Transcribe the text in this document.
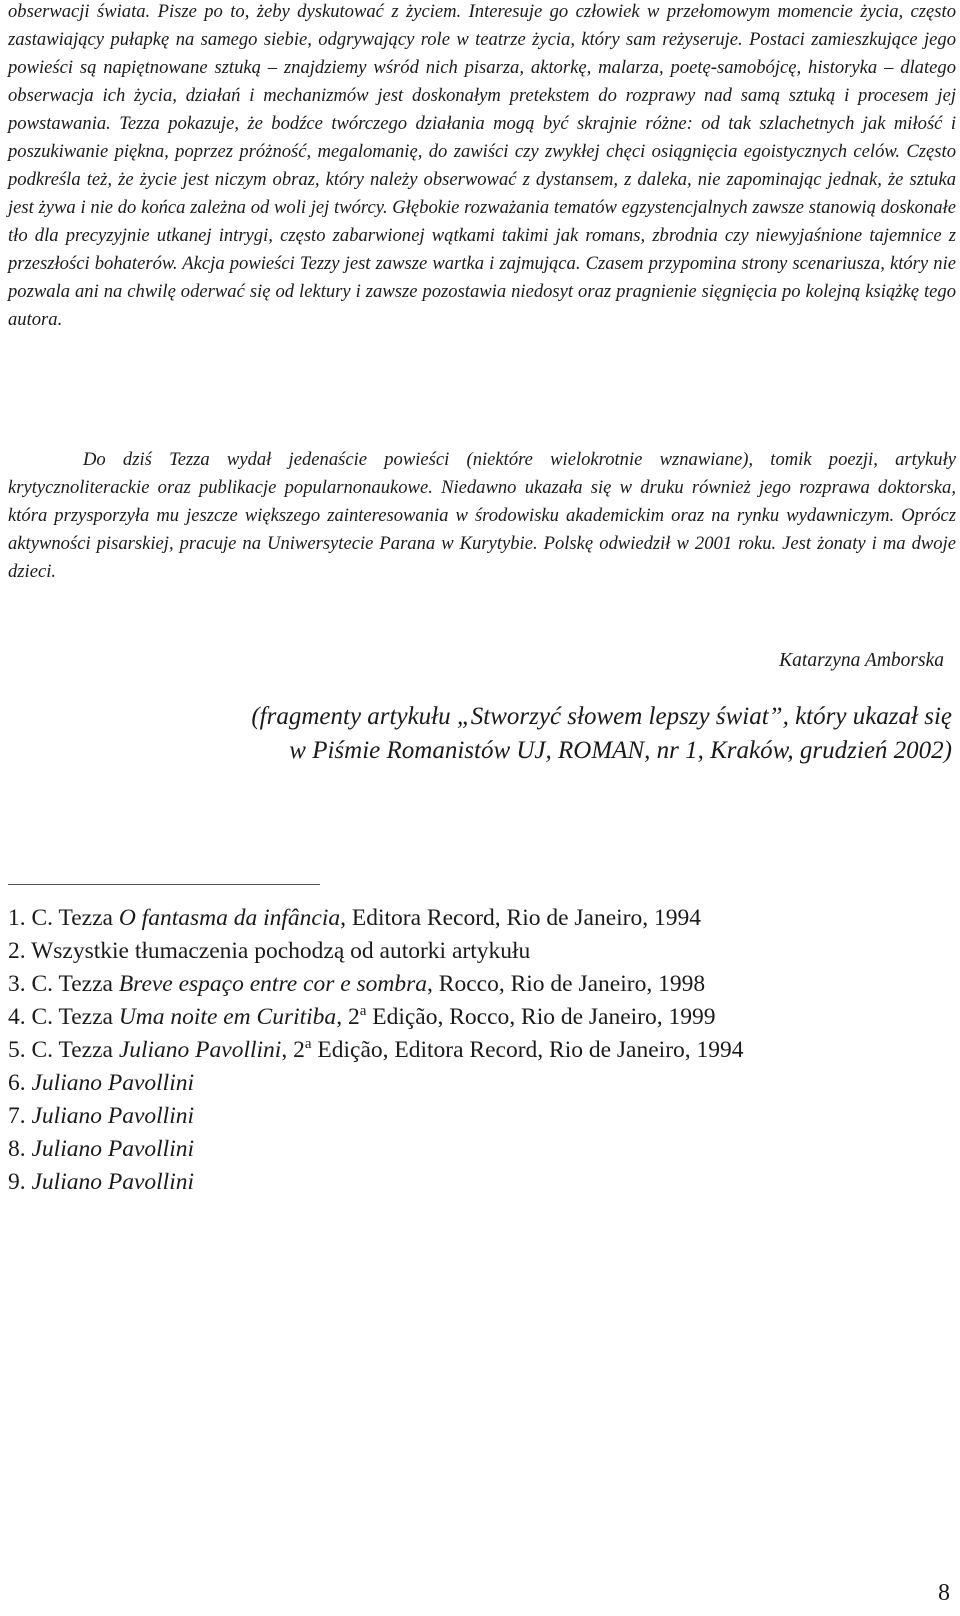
obserwacji świata. Pisze po to, żeby dyskutować z życiem. Interesuje go człowiek w przełomowym momencie życia, często zastawiający pułapkę na samego siebie, odgrywający role w teatrze życia, który sam reżyseruje. Postaci zamieszkujące jego powieści są napiętnowane sztuką – znajdziemy wśród nich pisarza, aktorkę, malarza, poetę-samobójcę, historyka – dlatego obserwacja ich życia, działań i mechanizmów jest doskonałym pretekstem do rozprawy nad samą sztuką i procesem jej powstawania. Tezza pokazuje, że bodźce twórczego działania mogą być skrajnie różne: od tak szlachetnych jak miłość i poszukiwanie piękna, poprzez próżność, megalomanię, do zawiści czy zwykłej chęci osiągnięcia egoistycznych celów. Często podkreśla też, że życie jest niczym obraz, który należy obserwować z dystansem, z daleka, nie zapominając jednak, że sztuka jest żywa i nie do końca zależna od woli jej twórcy. Głębokie rozważania tematów egzystencjalnych zawsze stanowią doskonałe tło dla precyzyjnie utkanej intrygi, często zabarwionej wątkami takimi jak romans, zbrodnia czy niewyjaśnione tajemnice z przeszłości bohaterów. Akcja powieści Tezzy jest zawsze wartka i zajmująca. Czasem przypomina strony scenariusza, który nie pozwala ani na chwilę oderwać się od lektury i zawsze pozostawia niedosyt oraz pragnienie sięgnięcia po kolejną książkę tego autora.

Do dziś Tezza wydał jedenaście powieści (niektóre wielokrotnie wznawiane), tomik poezji, artykuły krytycznoliterackie oraz publikacje popularnonaukowe. Niedawno ukazała się w druku również jego rozprawa doktorska, która przysporzyła mu jeszcze większego zainteresowania w środowisku akademickim oraz na rynku wydawniczym. Oprócz aktywności pisarskiej, pracuje na Uniwersytecie Parana w Kurytybie. Polskę odwiedził w 2001 roku. Jest żonaty i ma dwoje dzieci.

Katarzyna Amborska

(fragmenty artykułu „Stworzyć słowem lepszy świat”, który ukazał się
w Piśmie Romanistów UJ, ROMAN, nr 1, Kraków, grudzień 2002)

1. C. Tezza O fantasma da infância, Editora Record, Rio de Janeiro, 1994
2. Wszystkie tłumaczenia pochodzą od autorki artykułu
3. C. Tezza Breve espaço entre cor e sombra, Rocco, Rio de Janeiro, 1998
4. C. Tezza Uma noite em Curitiba, 2$^a$ Edição, Rocco, Rio de Janeiro, 1999
5. C. Tezza Juliano Pavollini, 2$^a$ Edição, Editora Record, Rio de Janeiro, 1994
6. Juliano Pavollini
7. Juliano Pavollini
8. Juliano Pavollini
9. Juliano Pavollini

8
